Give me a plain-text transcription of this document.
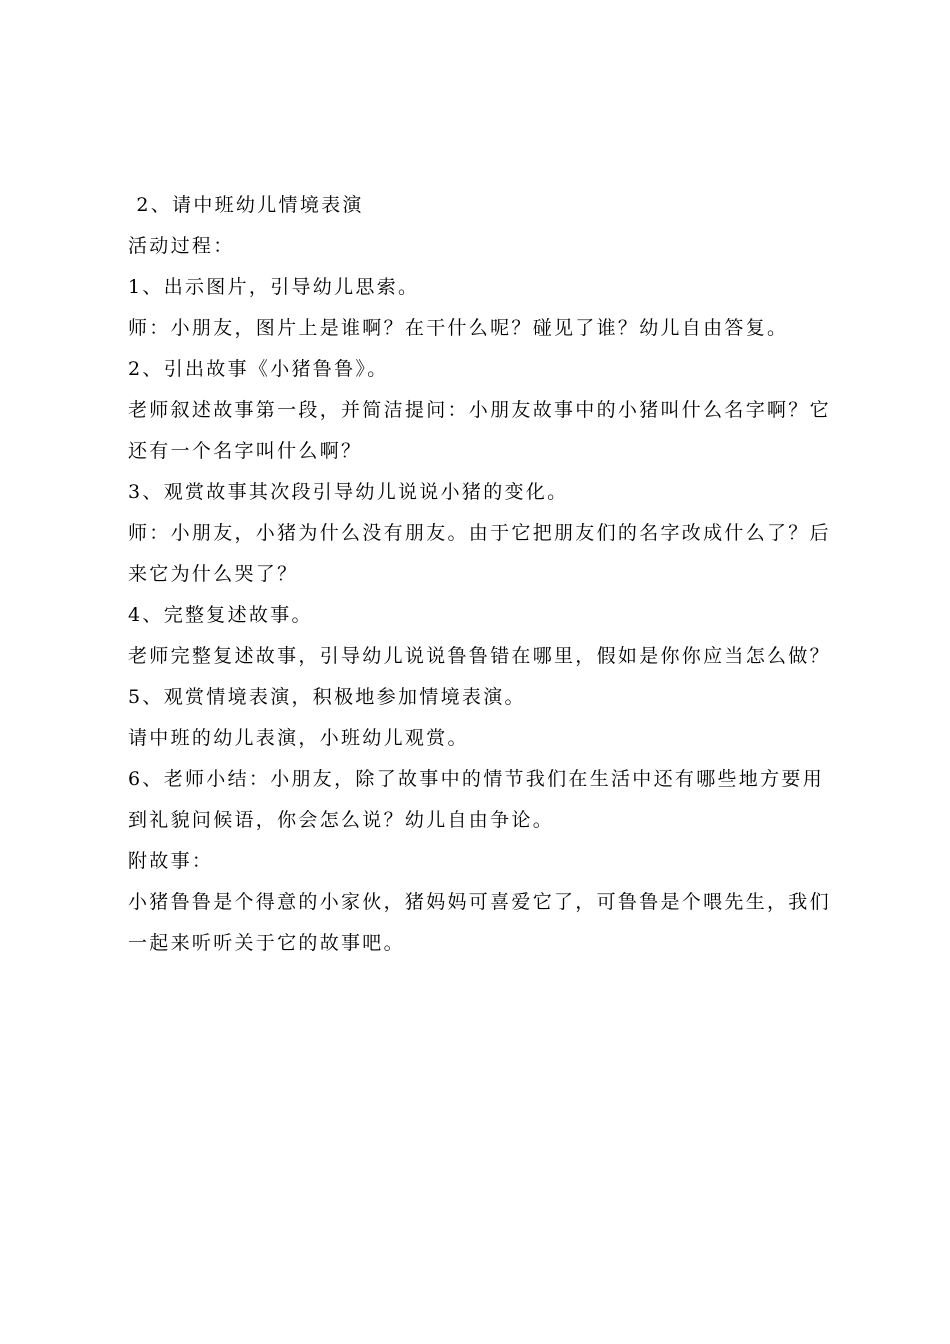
2、请中班幼儿情境表演

活动过程：

1、出示图片，引导幼儿思索。

师：小朋友，图片上是谁啊？在干什么呢？碰见了谁？幼儿自由答复。

2、引出故事《小猪鲁鲁》。

老师叙述故事第一段，并简洁提问：小朋友故事中的小猪叫什么名字啊？它还有一个名字叫什么啊？

3、观赏故事其次段引导幼儿说说小猪的变化。

师：小朋友，小猪为什么没有朋友。由于它把朋友们的名字改成什么了？后来它为什么哭了？

4、完整复述故事。

老师完整复述故事，引导幼儿说说鲁鲁错在哪里，假如是你你应当怎么做？

5、观赏情境表演，积极地参加情境表演。

请中班的幼儿表演，小班幼儿观赏。

6、老师小结：小朋友，除了故事中的情节我们在生活中还有哪些地方要用到礼貌问候语，你会怎么说？幼儿自由争论。

附故事：

小猪鲁鲁是个得意的小家伙，猪妈妈可喜爱它了，可鲁鲁是个喂先生，我们一起来听听关于它的故事吧。
